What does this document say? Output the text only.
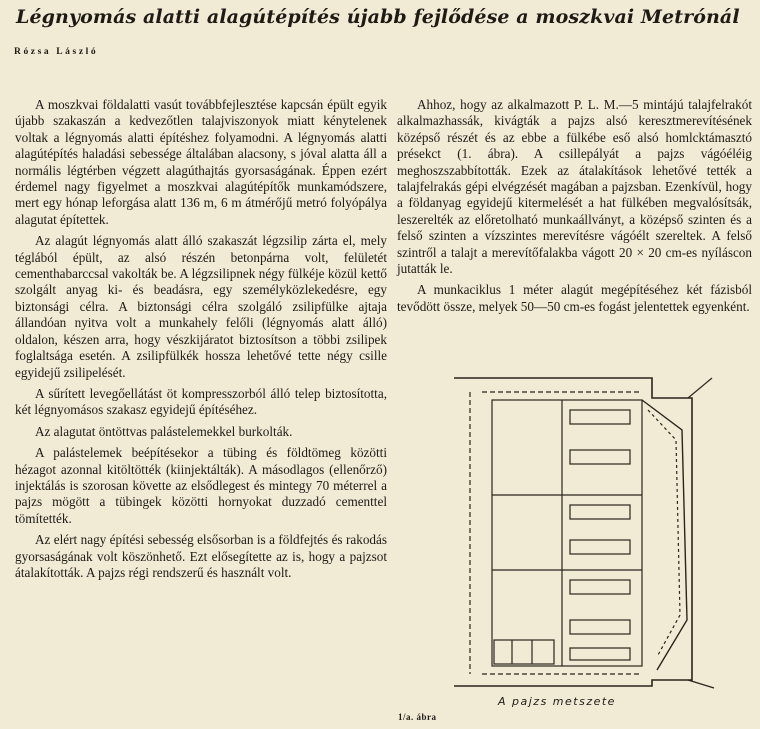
Légnyomás alatti alagútépítés újabb fejlődése a moszkvai Metrónál
Rózsa László

A moszkvai földalatti vasút továbbfejlesztése kapcsán épült egyik újabb szakaszán a kedvezőtlen talajviszonyok miatt kénytelenek voltak a légnyomás alatti építéshez folyamodni. A légnyomás alatti alagútépítés haladási sebessége általában alacsony, s jóval alatta áll a normális légtérben végzett alagúthajtás gyorsaságának. Éppen ezért érdemel nagy figyelmet a moszkvai alagútépítők munkamódszere, mert egy hónap leforgása alatt 136 m, 6 m átmérőjű metró folyópálya alagutat építettek.

Az alagút légnyomás alatt álló szakaszát légzsilip zárta el, mely téglából épült, az alsó részén betonpárna volt, felületét cementhabarccsal vakolták be. A légzsilipnek négy fülkéje közül kettő szolgált anyag ki- és beadásra, egy személyközlekedésre, egy biztonsági célra. A biztonsági célra szolgáló zsilipfülke ajtaja állandóan nyitva volt a munkahely felőli (légnyomás alatt álló) oldalon, készen arra, hogy vészkijáratot biztosítson a többi zsilipek foglaltsága esetén. A zsilipfülkék hossza lehetővé tette négy csille egyidejű zsilipelését.

A sűrített levegőellátást öt kompresszorból álló telep biztosította, két légnyomásos szakasz egyidejű építéséhez.

Az alagutat öntöttvas palástelemekkel burkolták.

A palástelemek beépítésekor a tübing és földtömeg közötti hézagot azonnal kitöltötték (kiinjektálták). A másodlagos (ellenőrző) injektálás is szorosan követte az elsődlegest és mintegy 70 méterrel a pajzs mögött a tübingek közötti hornyokat duzzadó cementtel tömítették.

Az elért nagy építési sebesség elsősorban is a földfejtés és rakodás gyorsaságának volt köszönhető. Ezt elősegítette az is, hogy a pajzsot átalakították. A pajzs régi rendszerű és használt volt.

Ahhoz, hogy az alkalmazott P. L. M.—5 mintájú talajfelrakót alkalmazhassák, kivágták a pajzs alsó keresztmerevítésének középső részét és az ebbe a fülkébe eső alsó homlcktámasztó présekct (1. ábra). A csillepályát a pajzs vágóéléig meghoszszabbították. Ezek az átalakítások lehetővé tették a talajfelrakás gépi elvégzését magában a pajzsban. Ezenkívül, hogy a földanyag egyidejű kitermelését a hat fülkében megvalósítsák, leszerelték az előretolható munkaállványt, a középső szinten és a felső szinten a vízszintes merevítésre vágóélt szereltek. A felső szintről a talajt a merevítőfalakba vágott 20 × 20 cm-es nyíláscon jutatták le.

A munkaciklus 1 méter alagút megépítéséhez két fázisból tevődött össze, melyek 50—50 cm-es fogást jelentettek egyenként.

A pajzs metszete
1/a. ábra
